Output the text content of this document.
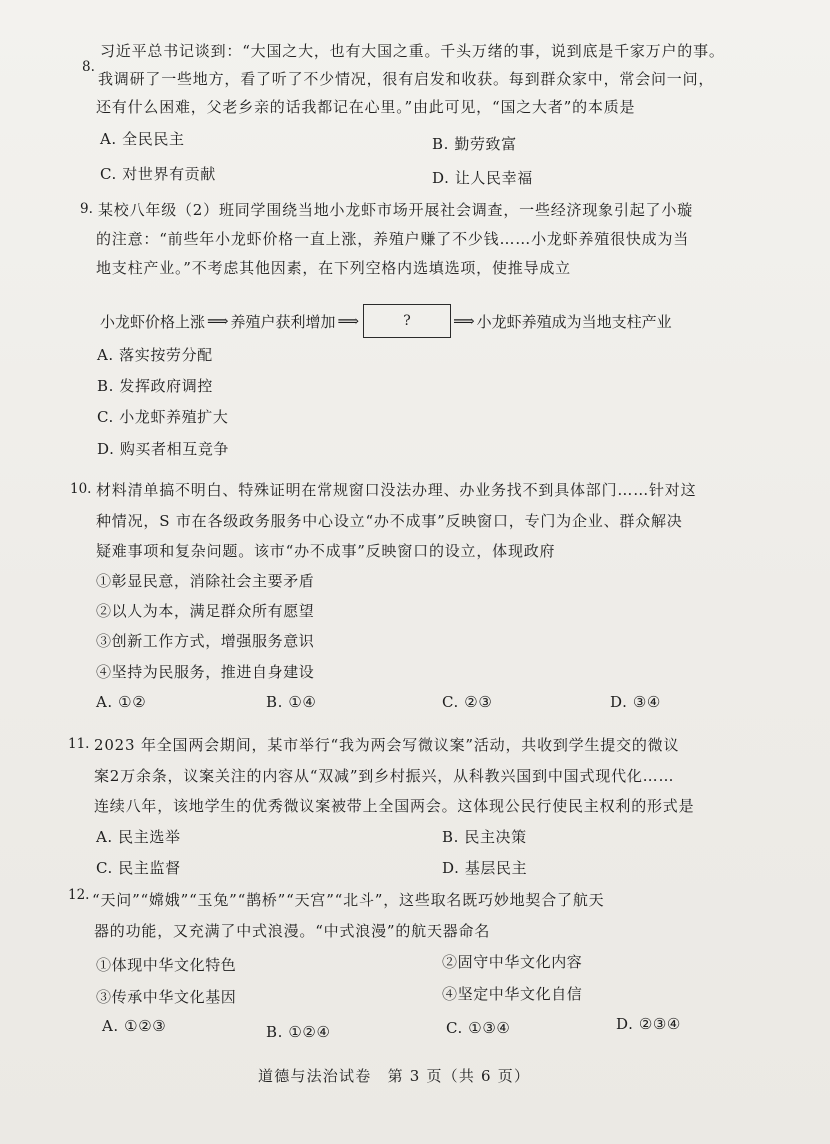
8.
习近平总书记谈到：“大国之大，也有大国之重。千头万绪的事，说到底是千家万户的事。
我调研了一些地方，看了听了不少情况，很有启发和收获。每到群众家中，常会问一问，
还有什么困难，父老乡亲的话我都记在心里。”由此可见，“国之大者”的本质是
A. 全民民主	B. 勤劳致富
C. 对世界有贡献	D. 让人民幸福
9. 某校八年级（2）班同学围绕当地小龙虾市场开展社会调查，一些经济现象引起了小璇
的注意：“前些年小龙虾价格一直上涨，养殖户赚了不少钱……小龙虾养殖很快成为当
地支柱产业。”不考虑其他因素，在下列空格内选填选项，使推导成立
小龙虾价格上涨 ⟹ 养殖户获利增加 ⟹	?	⟹ 小龙虾养殖成为当地支柱产业
A. 落实按劳分配
B. 发挥政府调控
C. 小龙虾养殖扩大
D. 购买者相互竞争
10. 材料清单搞不明白、特殊证明在常规窗口没法办理、办业务找不到具体部门……针对这
种情况，S 市在各级政务服务中心设立“办不成事”反映窗口，专门为企业、群众解决
疑难事项和复杂问题。该市“办不成事”反映窗口的设立，体现政府
①彰显民意，消除社会主要矛盾
②以人为本，满足群众所有愿望
③创新工作方式，增强服务意识
④坚持为民服务，推进自身建设
A. ①②	B. ①④	C. ②③	D. ③④
11. 2023 年全国两会期间，某市举行“我为两会写微议案”活动，共收到学生提交的微议
案2万余条，议案关注的内容从“双减”到乡村振兴，从科教兴国到中国式现代化……
连续八年，该地学生的优秀微议案被带上全国两会。这体现公民行使民主权利的形式是
A. 民主选举	B. 民主决策
C. 民主监督	D. 基层民主
12. “天问”“嫦娥”“玉兔”“鹊桥”“天宫”“北斗”，这些取名既巧妙地契合了航天
器的功能，又充满了中式浪漫。“中式浪漫”的航天器命名
①体现中华文化特色	②固守中华文化内容
③传承中华文化基因	④坚定中华文化自信
A. ①②③	B. ①②④	C. ①③④	D. ②③④
道德与法治试卷　第 3 页（共 6 页）
